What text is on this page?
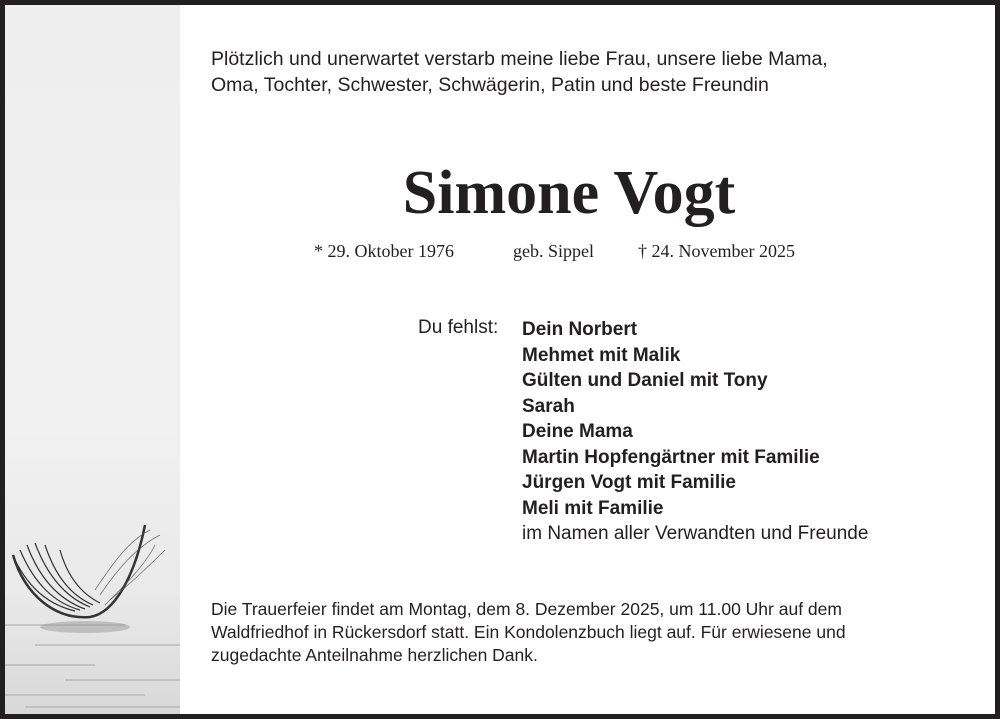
Plötzlich und unerwartet verstarb meine liebe Frau, unsere liebe Mama,
Oma, Tochter, Schwester, Schwägerin, Patin und beste Freundin
Simone Vogt
* 29. Oktober 1976	geb. Sippel † 24. November 2025
Du fehlst: Dein Norbert
Mehmet mit Malik
Gülten und Daniel mit Tony
Sarah
Deine Mama
Martin Hopfengärtner mit Familie
Jürgen Vogt mit Familie
Meli mit Familie
im Namen aller Verwandten und Freunde
Die Trauerfeier findet am Montag, dem 8. Dezember 2025, um 11.00 Uhr auf dem
Waldfriedhof in Rückersdorf statt. Ein Kondolenzbuch liegt auf. Für erwiesene und
zugedachte Anteilnahme herzlichen Dank.
